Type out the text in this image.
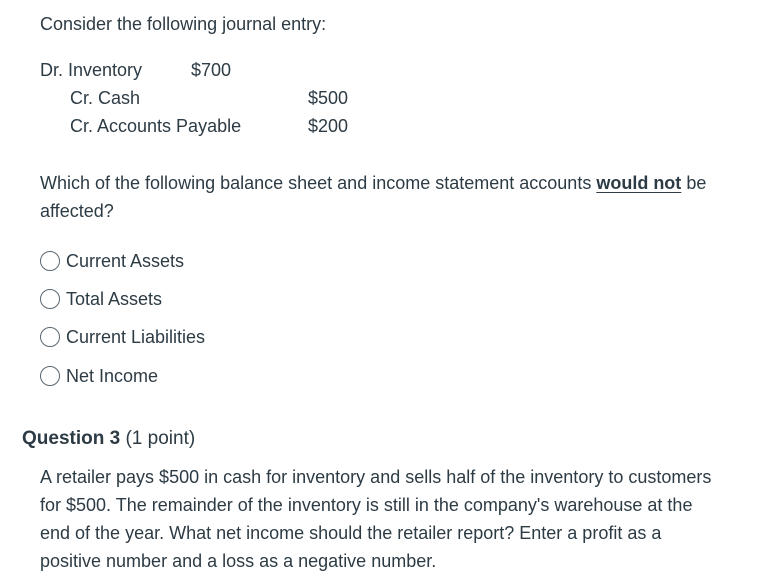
Consider the following journal entry:
Dr. Inventory	$700
Cr. Cash	$500
Cr. Accounts Payable	$200
Which of the following balance sheet and income statement accounts would not be
affected?
Current Assets
Total Assets
Current Liabilities
Net Income
Question 3 (1 point)
A retailer pays $500 in cash for inventory and sells half of the inventory to customers
for $500. The remainder of the inventory is still in the company's warehouse at the
end of the year. What net income should the retailer report? Enter a profit as a
positive number and a loss as a negative number.
